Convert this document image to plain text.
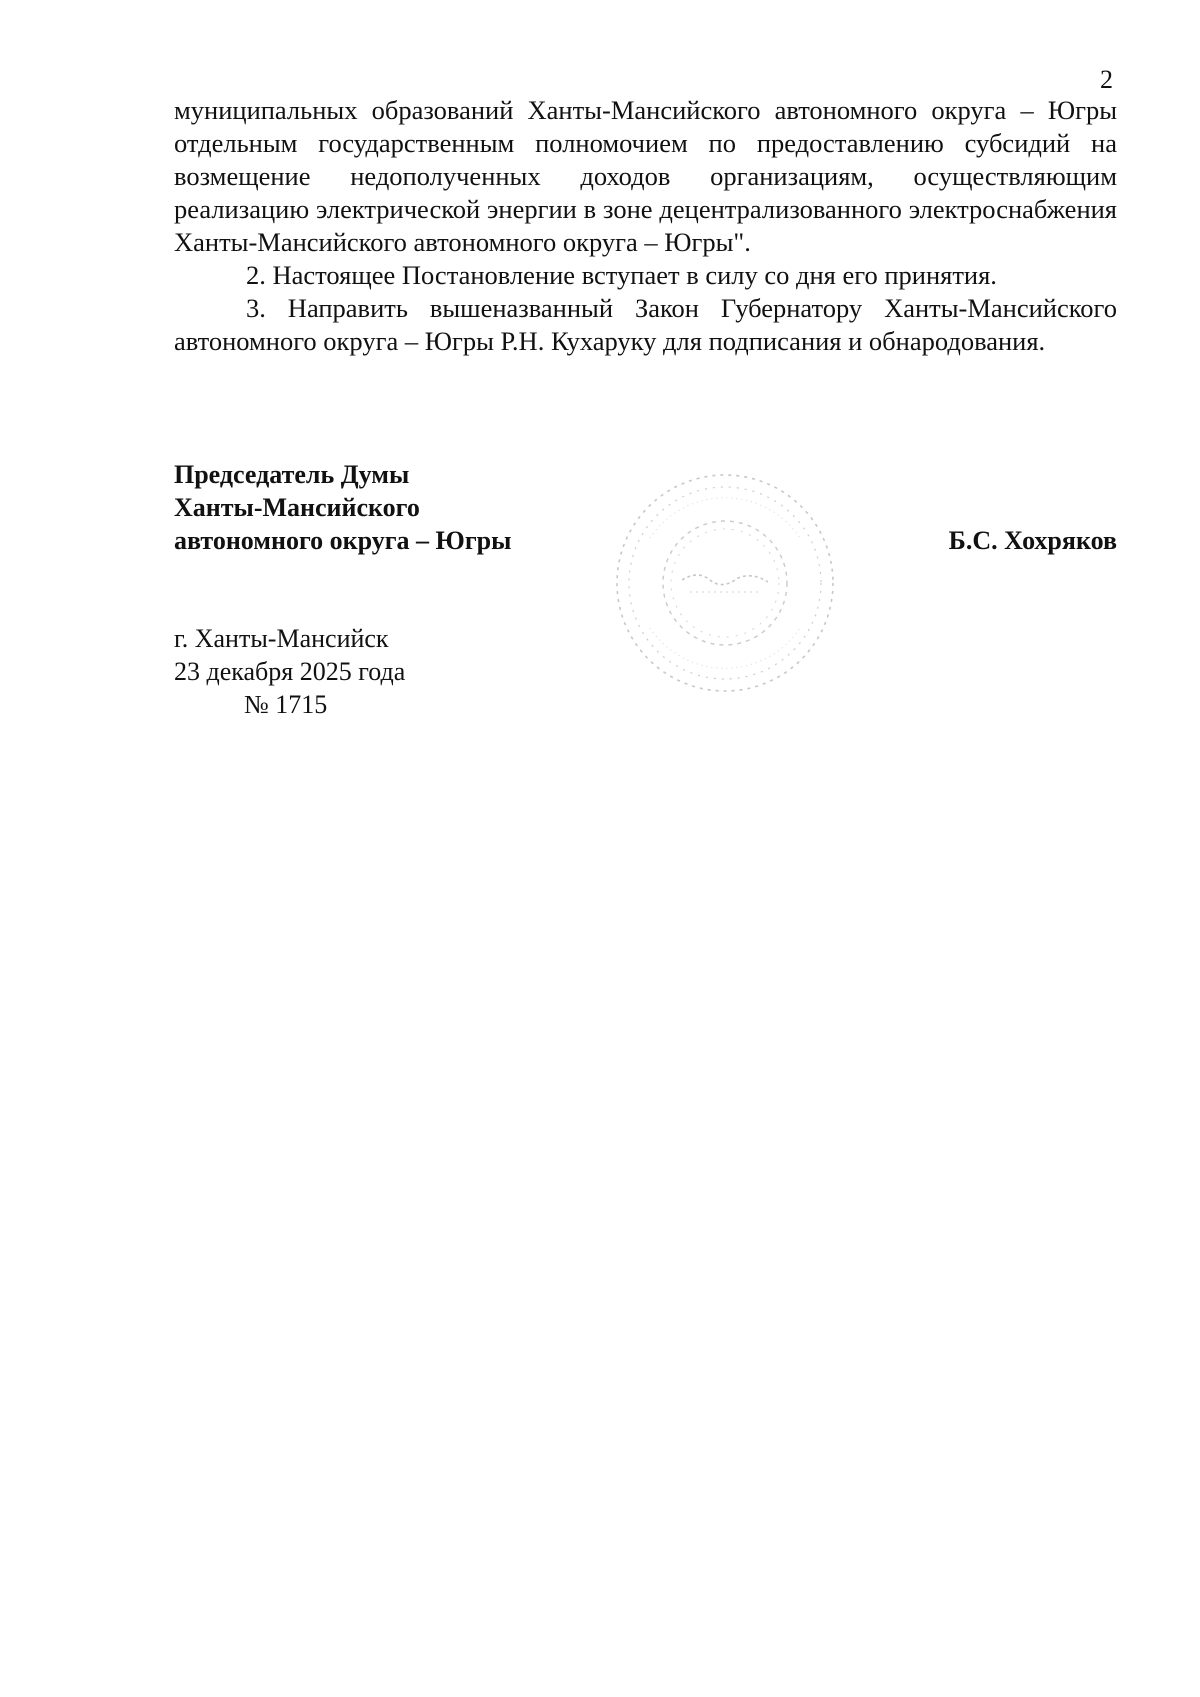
2

муниципальных образований Ханты-Мансийского автономного округа – Югры отдельным государственным полномочием по предоставлению субсидий на возмещение недополученных доходов организациям, осуществляющим реализацию электрической энергии в зоне децентрализованного электроснабжения Ханты-Мансийского автономного округа – Югры".

2. Настоящее Постановление вступает в силу со дня его принятия.

3. Направить вышеназванный Закон Губернатору Ханты-Мансийского автономного округа – Югры Р.Н. Кухаруку для подписания и обнародования.

Председатель Думы
Ханты-Мансийского
автономного округа – Югры	Б.С. Хохряков
г. Ханты-Мансийск
23 декабря 2025 года
№ 1715
